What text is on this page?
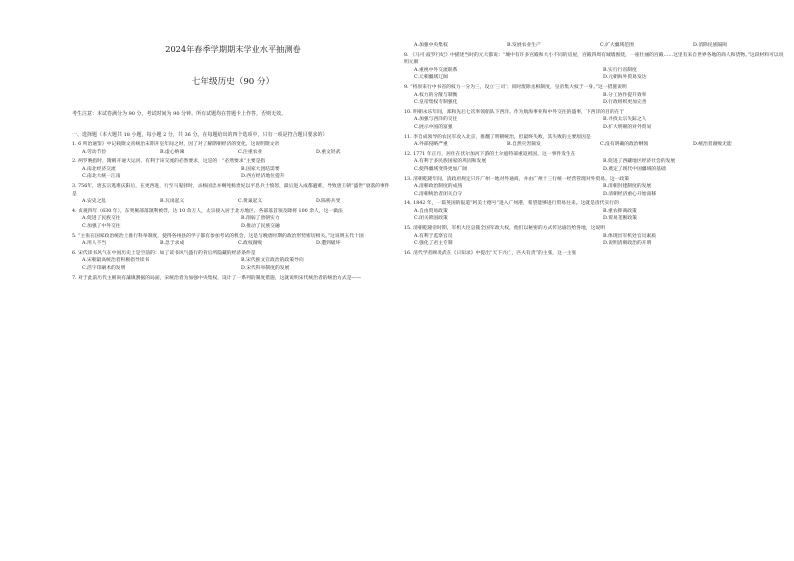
2024年春季学期期末学业水平抽测卷
七年级历史（90 分）
考生注意：本试卷满分为 90 分，考试时间为 90 分钟。所有试题均在答题卡上作答，否则无效。
一、选择题（本大题共 18 小题，每小题 2 分，共 36 分。在每题给出的四个选项中，只有一项是符合题目要求的）

1. 6 所治通鉴》中记载隋文帝统治末期开皇年间之时，因了对了解隋朝经济的变化，这说明隋文帝

A.劳动节俭	B.虚心纳谏	C.注重农业	D.重文轻武

2. 两罗晚指时，隋朝开通大运河，有利于该交流的必然要求，这是的　“必然要求”主要是指

A.南北经济交流	B.国家大团结需要
C.南北大统一江南	D.西方经济地位提升

3. 756年，唐玄宗逃难庆阳后，在更西进，行至马嵬驿时，杀杨国忠并赐死杨贵妃以平息兵士愤怒，最后进入成都避难，导致唐王朝“盛世”衰落的事件是

A.安史之乱	B.瓦岗起义	C.黄巢起义	D.陈桥兵变

4. 贞观四年（630 年），东突厥部落颉利被俘，达 10 余万人，太宗接入居于北方地区，各部落首领及降将 100 余人，这一做法

A.促进了民族交往	B.削弱了唐朝实力
C.加强了中外交往	D.推动了民族交融

5. “主张在国家政治统治上推行科举制度，使得各州县的学子都有参加考试的机会，这是与晚唐时期的政治形势密切相关。”这说明五代十国

A.用人不当	B.急于求成	C.政权腐败	D.遭到破坏

6. 宋代读书风气在中国历史上是空前的：如了读书风气盛行的背后所隐藏的经济条件是

A.宋朝最高统治者积极倡导读书	B.宋代推文官政治的政策导向
C.活字印刷术的发明	D.宋代科举制度的发展

7. 对于此前历代主朝尚有藩镇割据的局面，宋统治者为加强中央集权，设计了一系列的制度措施，这就说明宋代统治者的统治方式是——

A.加强中央集权	B.发展农业生产	C.扩大疆域范围	D.消除民族隔阂

8. 《马可·波罗行纪》中描述当时的元大都说：“城中有许多宫殿和大小不同的房屋，宫殿四周有城墙围绕，一座壮丽的宫殿……这里有来自世界各地的商人和货物。”这段材料可以说明元朝

A.重视中外交流联系	B.实行行省制度
C.元朝疆域辽阔	D.元朝海外贸易发达

9. “将原来行中书省的权力一分为三，设立‘三司’；同时废除丞相制度，皇帝集大权于一身。”这一措施说明

A.权力的分散与制衡	B.分工协作提升效率
C.皇帝集权专制强化	D.行政组织更加完善

10. 明朝永乐年间，郑和先后七次率领船队下西洋。作为航海事业和中外交往的盛事，下西洋的目的在于

A.加强与西洋的交往	B.寻找太宗失踪之人
C.展示中国的富强	D.扩大明朝的对外贸易

11. 李自成领导的农民军攻入北京，推翻了明朝统治，但最终失败，其失败的主要原因是

A.外部侵略严重	B.自然灾害频发	C.没有明确的政治纲领	D.统治者腐败无能

12. 1771 年正月，居住在伏尔加河下游的土尔扈特部重返祖国，这一事件发生在

A.有利于多民族国家的巩固和发展	B.促进了西藏地区经济社会的发展
C.使得疆域变得更加广阔	D.奠定了现代中国疆域的基础

13. 清朝乾隆年间，清政府规定只许广州一地对外通商，并由广州十三行统一经营管理对外贸易。这一政策

A.清朝政治制度的成熟	B.清朝封建制度的发展
C.清朝统治者闭关自守	D.清朝经济重心开始南移

14. 1842 年，一篇英国的报道“阿美士德号”进入广州港，希望能够进行贸易往来。这就是清代实行的

A.自由贸易政策	B.重农抑商政策
C.闭关锁国政策	D.贸易垄断政策

15. 清朝乾隆帝时期，军机大臣总揽全国军政大权，他们以秘密的方式传达谕旨给各地，这说明

A.有利于监察官员	B.体现出军机处官员素质
C.强化了君主专制	D.说明清朝政治的开明

16. 清代学者顾炎武在《日知录》中提出“天下兴亡，匹夫有责”的主张，这一主张
